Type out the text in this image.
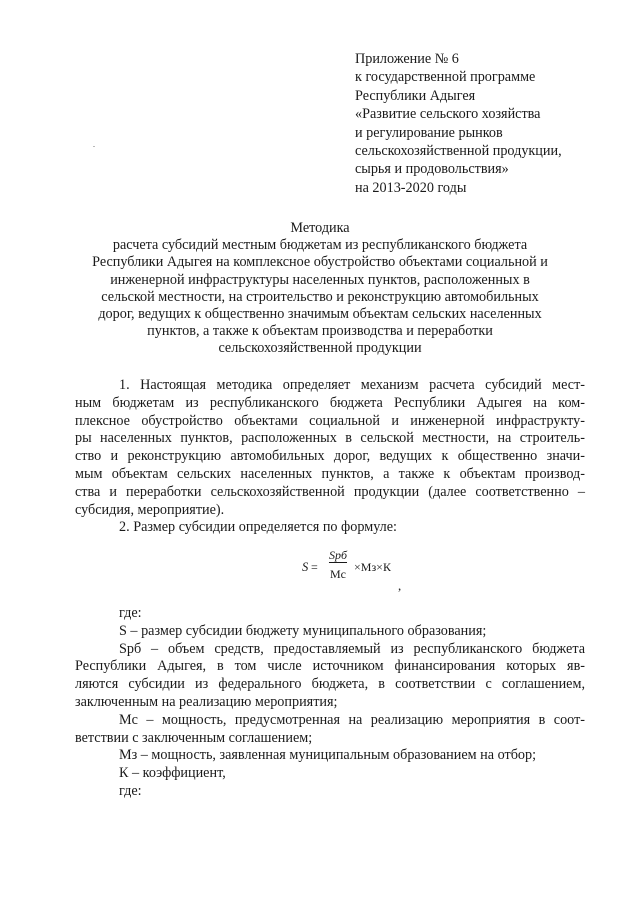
Приложение № 6
к государственной программе
Республики Адыгея
«Развитие сельского хозяйства
и регулирование рынков
сельскохозяйственной продукции,
сырья и продовольствия»
на 2013-2020 годы
Методика
расчета субсидий местным бюджетам из республиканского бюджета
Республики Адыгея на комплексное обустройство объектами социальной и
инженерной инфраструктуры населенных пунктов, расположенных в
сельской местности, на строительство и реконструкцию автомобильных
дорог, ведущих к общественно значимым объектам сельских населенных
пунктов, а также к объектам производства и переработки
сельскохозяйственной продукции
1. Настоящая методика определяет механизм расчета субсидий мест-
ным бюджетам из республиканского бюджета Республики Адыгея на ком-
плексное обустройство объектами социальной и инженерной инфраструкту-
ры населенных пунктов, расположенных в сельской местности, на строитель-
ство и реконструкцию автомобильных дорог, ведущих к общественно значи-
мым объектам сельских населенных пунктов, а также к объектам производ-
ства и переработки сельскохозяйственной продукции (далее соответственно –
субсидия, мероприятие).
2. Размер субсидии определяется по формуле:
S =
Spб
Мс ×Мз×К
,
где:
S – размер субсидии бюджету муниципального образования;
Spб – объем средств, предоставляемый из республиканского бюджета
Республики Адыгея, в том числе источником финансирования которых яв-
ляются субсидии из федерального бюджета, в соответствии с соглашением,
заключенным на реализацию мероприятия;
Мс – мощность, предусмотренная на реализацию мероприятия в соот-
ветствии с заключенным соглашением;
Мз – мощность, заявленная муниципальным образованием на отбор;
К – коэффициент,
где:
